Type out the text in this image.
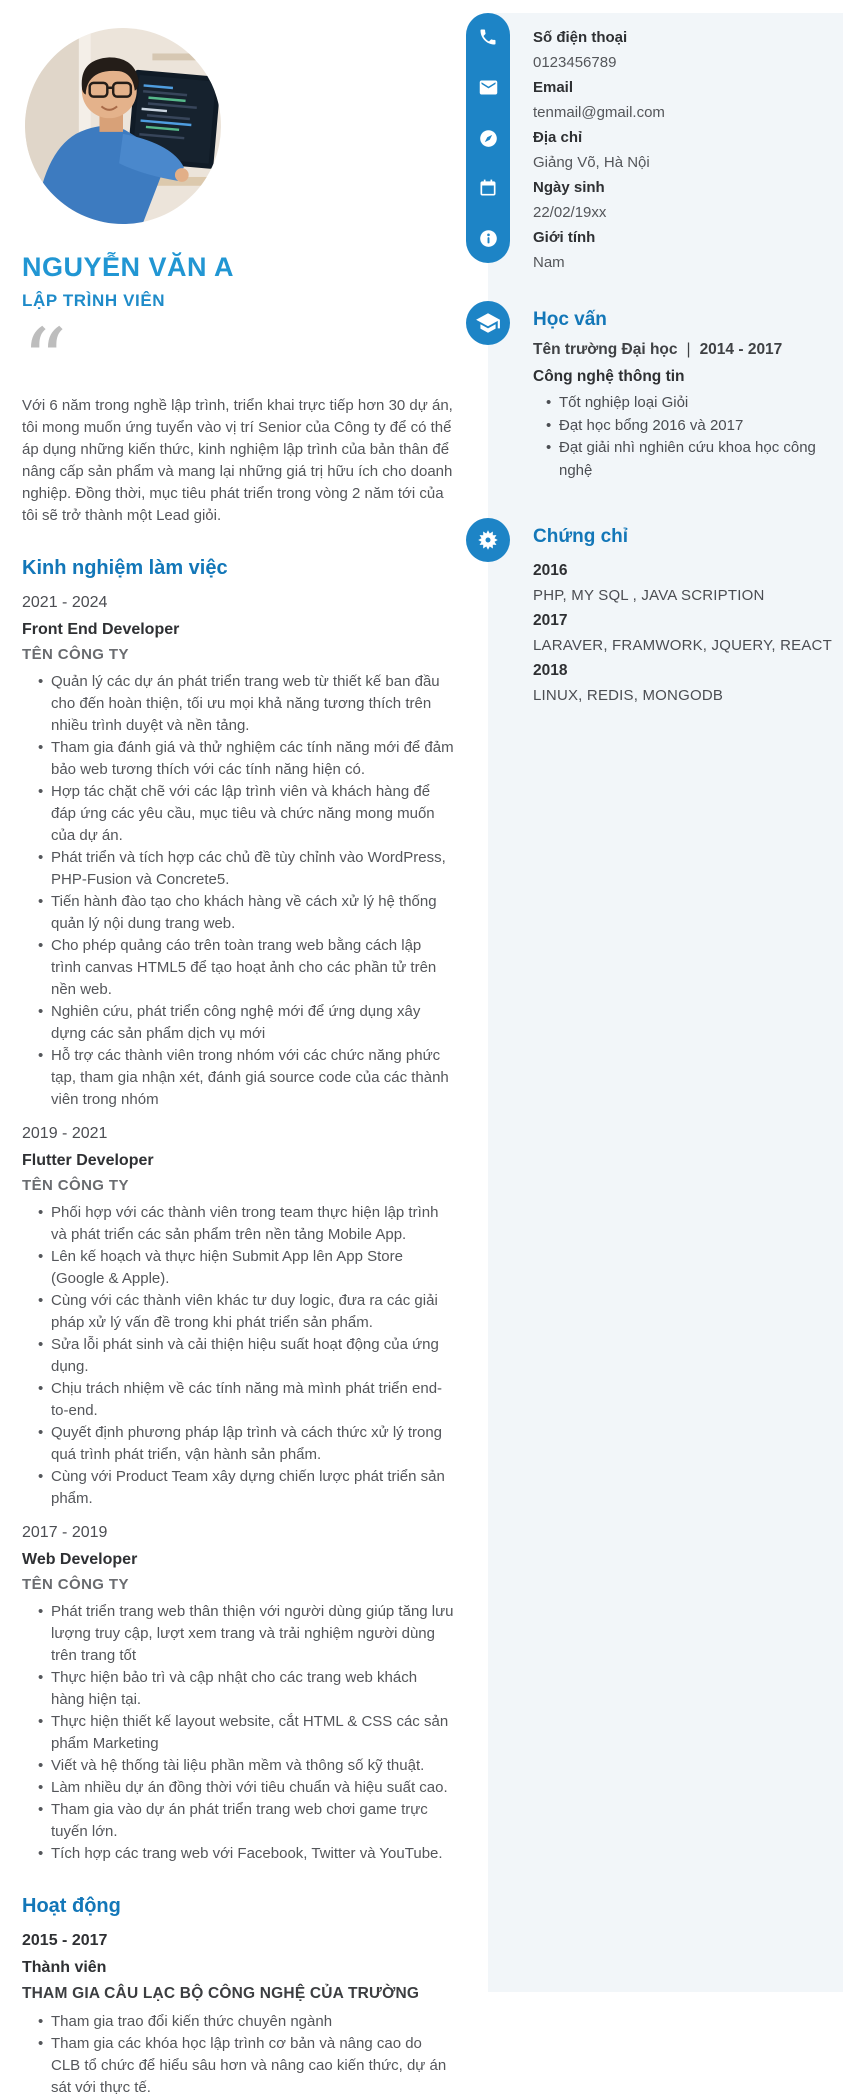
Số điện thoại
0123456789
Email
tenmail@gmail.com
Địa chỉ
Giảng Võ, Hà Nội
Ngày sinh
22/02/19xx
Giới tính
Nam
Học vấn
Tên trường Đại học | 2014 - 2017
Công nghệ thông tin
• Tốt nghiệp loại Giỏi
• Đạt học bổng 2016 và 2017
• Đạt giải nhì nghiên cứu khoa học công nghệ
Chứng chỉ
2016
PHP, MY SQL , JAVA SCRIPTION
2017
LARAVER, FRAMWORK, JQUERY, REACT
2018
LINUX, REDIS, MONGODB
NGUYỄN VĂN A
LẬP TRÌNH VIÊN
“

Với 6 năm trong nghề lập trình, triển khai trực tiếp hơn 30 dự án, tôi mong muốn ứng tuyển vào vị trí Senior của Công ty để có thể áp dụng những kiến thức, kinh nghiệm lập trình của bản thân để nâng cấp sản phẩm và mang lại những giá trị hữu ích cho doanh nghiệp. Đồng thời, mục tiêu phát triển trong vòng 2 năm tới của tôi sẽ trở thành một Lead giỏi.

Kinh nghiệm làm việc
2021 - 2024
Front End Developer
TÊN CÔNG TY
• Quản lý các dự án phát triển trang web từ thiết kế ban đầu cho đến hoàn thiện, tối ưu mọi khả năng tương thích trên nhiều trình duyệt và nền tảng.
• Tham gia đánh giá và thử nghiệm các tính năng mới để đảm bảo web tương thích với các tính năng hiện có.
• Hợp tác chặt chẽ với các lập trình viên và khách hàng để đáp ứng các yêu cầu, mục tiêu và chức năng mong muốn của dự án.
• Phát triển và tích hợp các chủ đề tùy chỉnh vào WordPress, PHP-Fusion và Concrete5.
• Tiến hành đào tạo cho khách hàng về cách xử lý hệ thống quản lý nội dung trang web.
• Cho phép quảng cáo trên toàn trang web bằng cách lập trình canvas HTML5 để tạo hoạt ảnh cho các phần tử trên nền web.
• Nghiên cứu, phát triển công nghệ mới để ứng dụng xây dựng các sản phẩm dịch vụ mới
• Hỗ trợ các thành viên trong nhóm với các chức năng phức tạp, tham gia nhận xét, đánh giá source code của các thành viên trong nhóm
2019 - 2021
Flutter Developer
TÊN CÔNG TY
• Phối hợp với các thành viên trong team thực hiện lập trình và phát triển các sản phẩm trên nền tảng Mobile App.
• Lên kế hoạch và thực hiện Submit App lên App Store (Google & Apple).
• Cùng với các thành viên khác tư duy logic, đưa ra các giải pháp xử lý vấn đề trong khi phát triển sản phẩm.
• Sửa lỗi phát sinh và cải thiện hiệu suất hoạt động của ứng dụng.
• Chịu trách nhiệm về các tính năng mà mình phát triển end-to-end.
• Quyết định phương pháp lập trình và cách thức xử lý trong quá trình phát triển, vận hành sản phẩm.
• Cùng với Product Team xây dựng chiến lược phát triển sản phẩm.
2017 - 2019
Web Developer
TÊN CÔNG TY
• Phát triển trang web thân thiện với người dùng giúp tăng lưu lượng truy cập, lượt xem trang và trải nghiệm người dùng trên trang tốt
• Thực hiện bảo trì và cập nhật cho các trang web khách hàng hiện tại.
• Thực hiện thiết kế layout website, cắt HTML & CSS các sản phẩm Marketing
• Viết và hệ thống tài liệu phần mềm và thông số kỹ thuật.
• Làm nhiều dự án đồng thời với tiêu chuẩn và hiệu suất cao.
• Tham gia vào dự án phát triển trang web chơi game trực tuyến lớn.
• Tích hợp các trang web với Facebook, Twitter và YouTube.
Hoạt động
2015 - 2017
Thành viên
THAM GIA CÂU LẠC BỘ CÔNG NGHỆ CỦA TRƯỜNG
• Tham gia trao đổi kiến thức chuyên ngành
• Tham gia các khóa học lập trình cơ bản và nâng cao do CLB tổ chức để hiểu sâu hơn và nâng cao kiến thức, dự án sát với thực tế.
